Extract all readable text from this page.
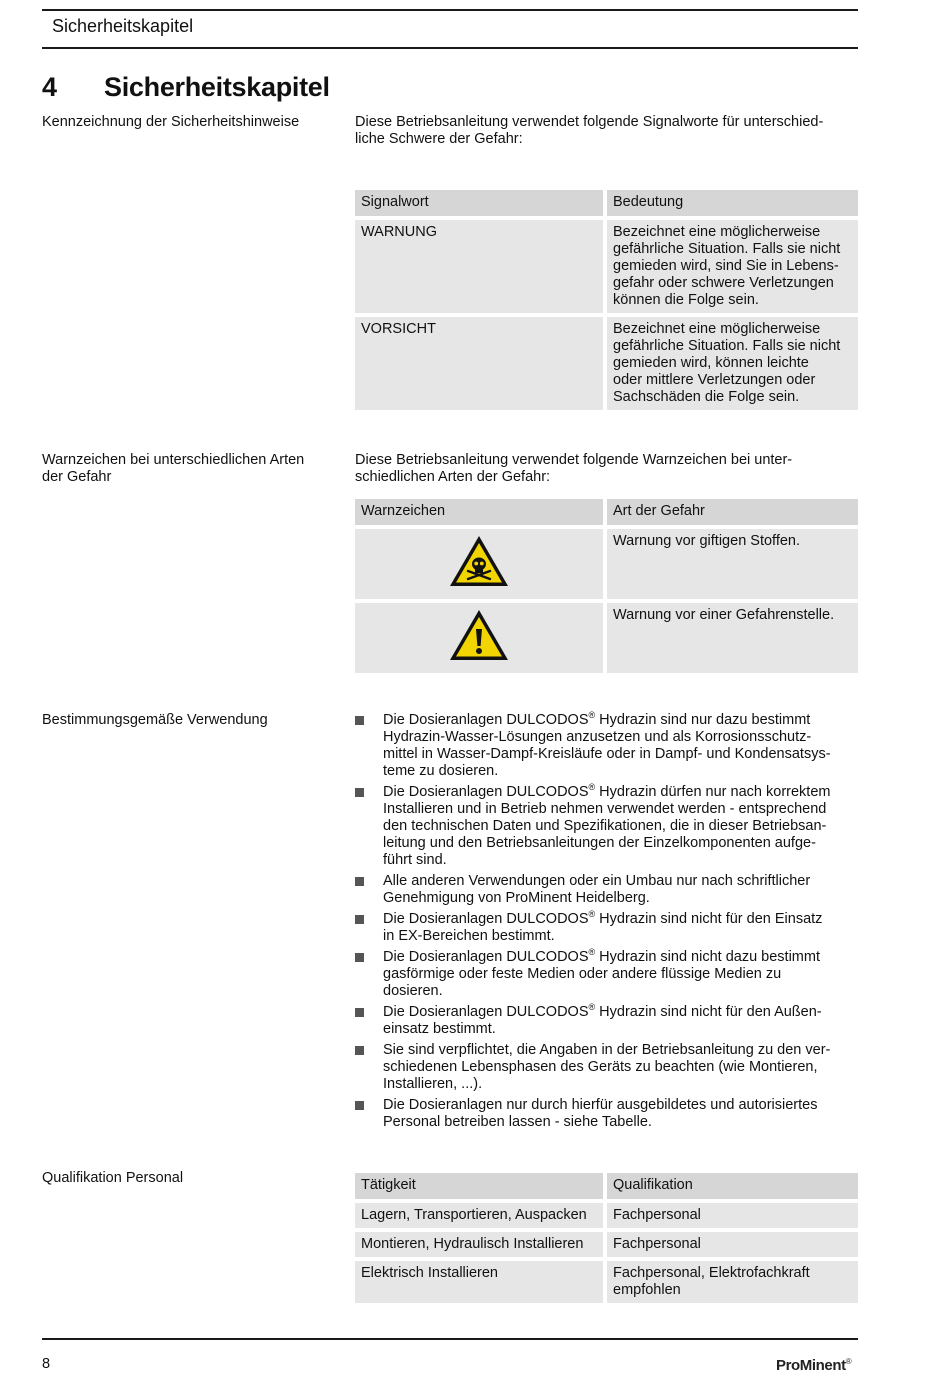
Sicherheitskapitel
4 Sicherheitskapitel
Kennzeichnung der Sicherheitshinweise	Diese Betriebsanleitung verwendet folgende Signalworte für unterschied-
liche Schwere der Gefahr:
Signalwort	Bedeutung
WARNUNG	Bezeichnet eine möglicherweise
gefährliche Situation. Falls sie nicht
gemieden wird, sind Sie in Lebens-
gefahr oder schwere Verletzungen
können die Folge sein.

VORSICHT	Bezeichnet eine möglicherweise
gefährliche Situation. Falls sie nicht
gemieden wird, können leichte
oder mittlere Verletzungen oder
Sachschäden die Folge sein.
Warnzeichen bei unterschiedlichen Arten
der Gefahr
Diese Betriebsanleitung verwendet folgende Warnzeichen bei unter-
schiedlichen Arten der Gefahr:
Warnzeichen	Art der Gefahr
	Warnung vor giftigen Stoffen.
	Warnung vor einer Gefahrenstelle.
Bestimmungsgemäße Verwendung	Die Dosieranlagen DULCODOS® Hydrazin sind nur dazu bestimmt
Hydrazin-Wasser-Lösungen anzusetzen und als Korrosionsschutz-
mittel in Wasser-Dampf-Kreisläufe oder in Dampf- und Kondensatsys-
teme zu dosieren.
Die Dosieranlagen DULCODOS® Hydrazin dürfen nur nach korrektem
Installieren und in Betrieb nehmen verwendet werden - entsprechend
den technischen Daten und Spezifikationen, die in dieser Betriebsan-
leitung und den Betriebsanleitungen der Einzelkomponenten aufge-
führt sind.
Alle anderen Verwendungen oder ein Umbau nur nach schriftlicher
Genehmigung von ProMinent Heidelberg.
Die Dosieranlagen DULCODOS® Hydrazin sind nicht für den Einsatz
in EX-Bereichen bestimmt.
Die Dosieranlagen DULCODOS® Hydrazin sind nicht dazu bestimmt
gasförmige oder feste Medien oder andere flüssige Medien zu
dosieren.
Die Dosieranlagen DULCODOS® Hydrazin sind nicht für den Außen-
einsatz bestimmt.
Sie sind verpflichtet, die Angaben in der Betriebsanleitung zu den ver-
schiedenen Lebensphasen des Geräts zu beachten (wie Montieren,
Installieren, ...).
Die Dosieranlagen nur durch hierfür ausgebildetes und autorisiertes
Personal betreiben lassen - siehe Tabelle.
Qualifikation Personal	Tätigkeit	Qualifikation
Lagern, Transportieren, Auspacken	Fachpersonal

Montieren, Hydraulisch Installieren	Fachpersonal

Elektrisch Installieren	Fachpersonal, Elektrofachkraft
empfohlen
8	ProMinent®
